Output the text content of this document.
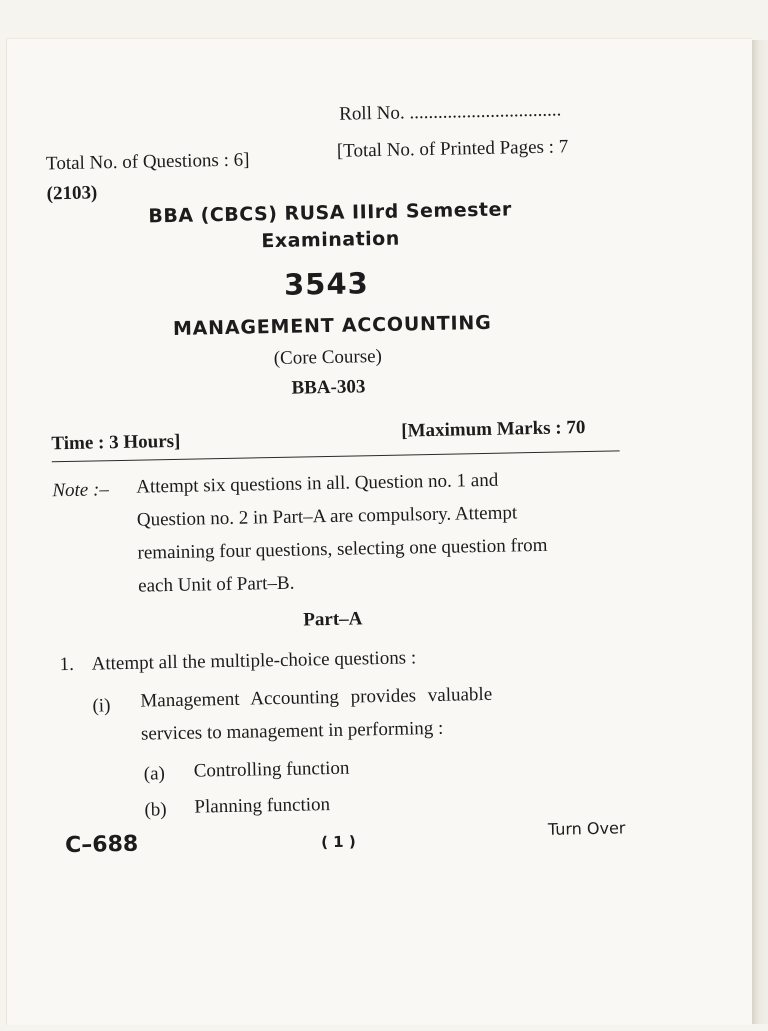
Roll No. ................................
Total No. of Questions : 6]
[Total No. of Printed Pages : 7
(2103)
BBA (CBCS) RUSA IIIrd Semester
Examination
3543
MANAGEMENT ACCOUNTING
(Core Course)
BBA-303
Time : 3 Hours]
[Maximum Marks : 70
Note :– Attempt six questions in all. Question no. 1 and
Question no. 2 in Part–A are compulsory. Attempt
remaining four questions, selecting one question from
each Unit of Part–B.
Part–A
1. Attempt all the multiple-choice questions :
(i) Management Accounting provides valuable
services to management in performing :
(a) Controlling function
(b) Planning function
C–688	( 1 )
Turn Over
